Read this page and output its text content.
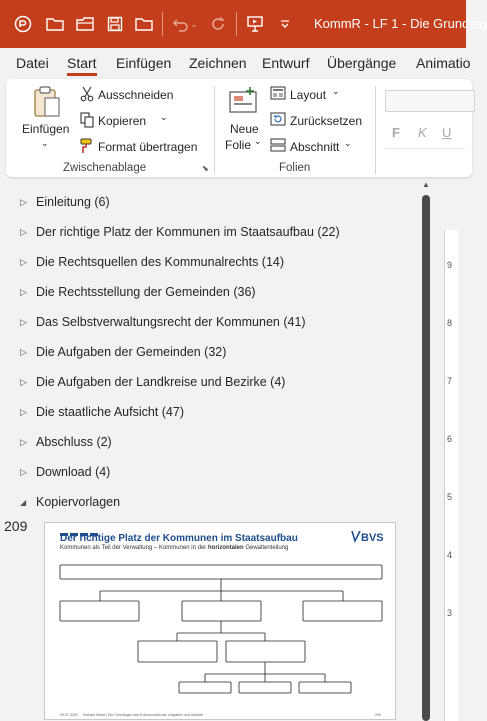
⌄	KommR - LF 1 - Die Grundlag
Datei Start Einfügen Zeichnen Entwurf Übergänge Animatio
Einfügen
⌄
Ausschneiden
Kopieren ⌄
Format übertragen
Zwischenablage	⬊
Neue
Folie ⌄
Layout ⌄
Zurücksetzen
Abschnitt ⌄
Folien
F K U
▷ Einleitung (6)
▷ Der richtige Platz der Kommunen im Staatsaufbau (22)
▷ Die Rechtsquellen des Kommunalrechts (14)
▷ Die Rechtsstellung der Gemeinden (36)
▷ Das Selbstverwaltungsrecht der Kommunen (41)
▷ Die Aufgaben der Gemeinden (32)
▷ Die Aufgaben der Landkreise und Bezirke (4)
▷ Die staatliche Aufsicht (47)
▷ Abschluss (2)
▷ Download (4)
◢ Kopiervorlagen
▲
9
8
7
6
5
4
3
209
Der richtige Platz der Kommunen im Staatsaufbau
Kommunen als Teil der Verwaltung – Kommunen in der horizontalen Gewaltenteilung
BVS
09.07.2025 Michael Nöbel | Die Grundlagen des Kommunalrechts, Aufgaben und Aufsicht	209
